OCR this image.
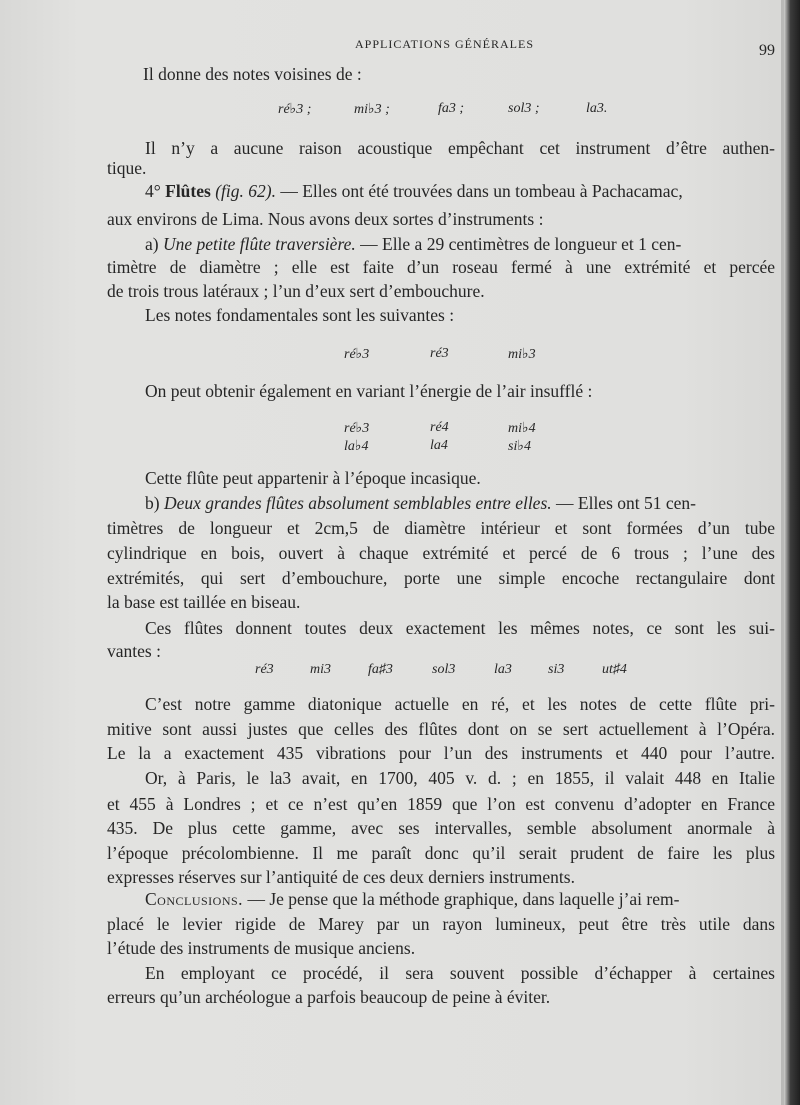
APPLICATIONS GÉNÉRALES	99
Il donne des notes voisines de :
ré♭3 ;	mi♭3 ;	fa3 ;	sol3 ;	la3.
Il n’y a aucune raison acoustique empêchant cet instrument d’être authen-
tique.
4° Flûtes (fig. 62). — Elles ont été trouvées dans un tombeau à Pachacamac,
aux environs de Lima. Nous avons deux sortes d’instruments :
a) Une petite flûte traversière. — Elle a 29 centimètres de longueur et 1 cen-
timètre de diamètre ; elle est faite d’un roseau fermé à une extrémité et percée
de trois trous latéraux ; l’un d’eux sert d’embouchure.
Les notes fondamentales sont les suivantes :
ré♭3	ré3	mi♭3
On peut obtenir également en variant l’énergie de l’air insufflé :
ré♭3	ré4	mi♭4
la♭4	la4	si♭4
Cette flûte peut appartenir à l’époque incasique.
b) Deux grandes flûtes absolument semblables entre elles. — Elles ont 51 cen-
timètres de longueur et 2cm,5 de diamètre intérieur et sont formées d’un tube
cylindrique en bois, ouvert à chaque extrémité et percé de 6 trous ; l’une des
extrémités, qui sert d’embouchure, porte une simple encoche rectangulaire dont
la base est taillée en biseau.
Ces flûtes donnent toutes deux exactement les mêmes notes, ce sont les sui-
vantes :
ré3	mi3	fa♯3	sol3	la3	si3	ut♯4
C’est notre gamme diatonique actuelle en ré, et les notes de cette flûte pri-
mitive sont aussi justes que celles des flûtes dont on se sert actuellement à l’Opéra.
Le la a exactement 435 vibrations pour l’un des instruments et 440 pour l’autre.
Or, à Paris, le la3 avait, en 1700, 405 v. d. ; en 1855, il valait 448 en Italie
et 455 à Londres ; et ce n’est qu’en 1859 que l’on est convenu d’adopter en France
435. De plus cette gamme, avec ses intervalles, semble absolument anormale à
l’époque précolombienne. Il me paraît donc qu’il serait prudent de faire les plus
expresses réserves sur l’antiquité de ces deux derniers instruments.
Conclusions. — Je pense que la méthode graphique, dans laquelle j’ai rem-
placé le levier rigide de Marey par un rayon lumineux, peut être très utile dans
l’étude des instruments de musique anciens.
En employant ce procédé, il sera souvent possible d’échapper à certaines
erreurs qu’un archéologue a parfois beaucoup de peine à éviter.
